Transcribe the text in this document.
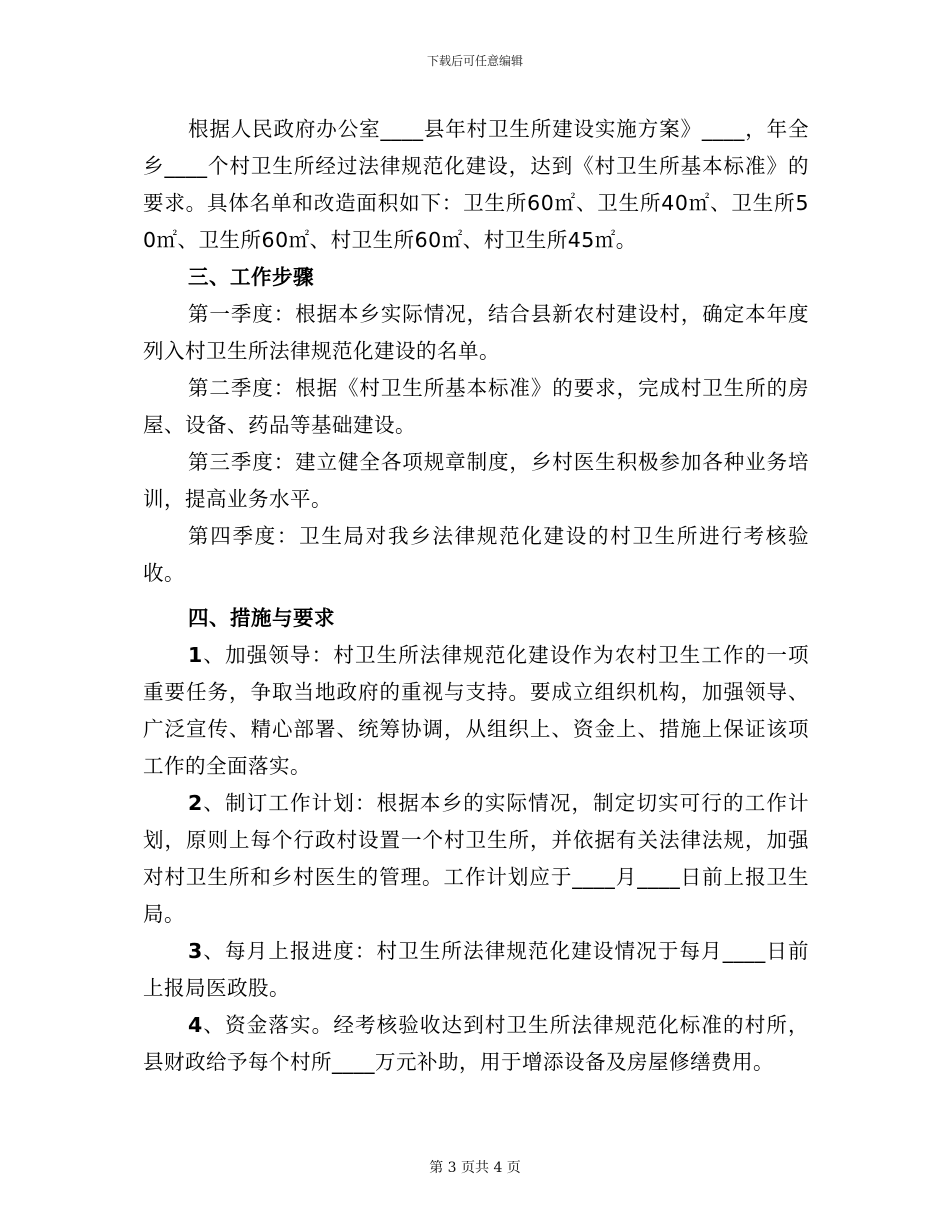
下载后可任意编辑

根据人民政府办公室____县年村卫生所建设实施方案》____，年全乡____个村卫生所经过法律规范化建设，达到《村卫生所基本标准》的要求。具体名单和改造面积如下：卫生所60㎡、卫生所40㎡、卫生所50㎡、卫生所60㎡、村卫生所60㎡、村卫生所45㎡。

三、工作步骤

第一季度：根据本乡实际情况，结合县新农村建设村，确定本年度列入村卫生所法律规范化建设的名单。

第二季度：根据《村卫生所基本标准》的要求，完成村卫生所的房屋、设备、药品等基础建设。

第三季度：建立健全各项规章制度，乡村医生积极参加各种业务培训，提高业务水平。

第四季度：卫生局对我乡法律规范化建设的村卫生所进行考核验收。

四、措施与要求

1、加强领导：村卫生所法律规范化建设作为农村卫生工作的一项重要任务，争取当地政府的重视与支持。要成立组织机构，加强领导、广泛宣传、精心部署、统筹协调，从组织上、资金上、措施上保证该项工作的全面落实。

2、制订工作计划：根据本乡的实际情况，制定切实可行的工作计划，原则上每个行政村设置一个村卫生所，并依据有关法律法规，加强对村卫生所和乡村医生的管理。工作计划应于____月____日前上报卫生局。

3、每月上报进度：村卫生所法律规范化建设情况于每月____日前上报局医政股。

4、资金落实。经考核验收达到村卫生所法律规范化标准的村所，县财政给予每个村所____万元补助，用于增添设备及房屋修缮费用。

第 3 页共 4 页
